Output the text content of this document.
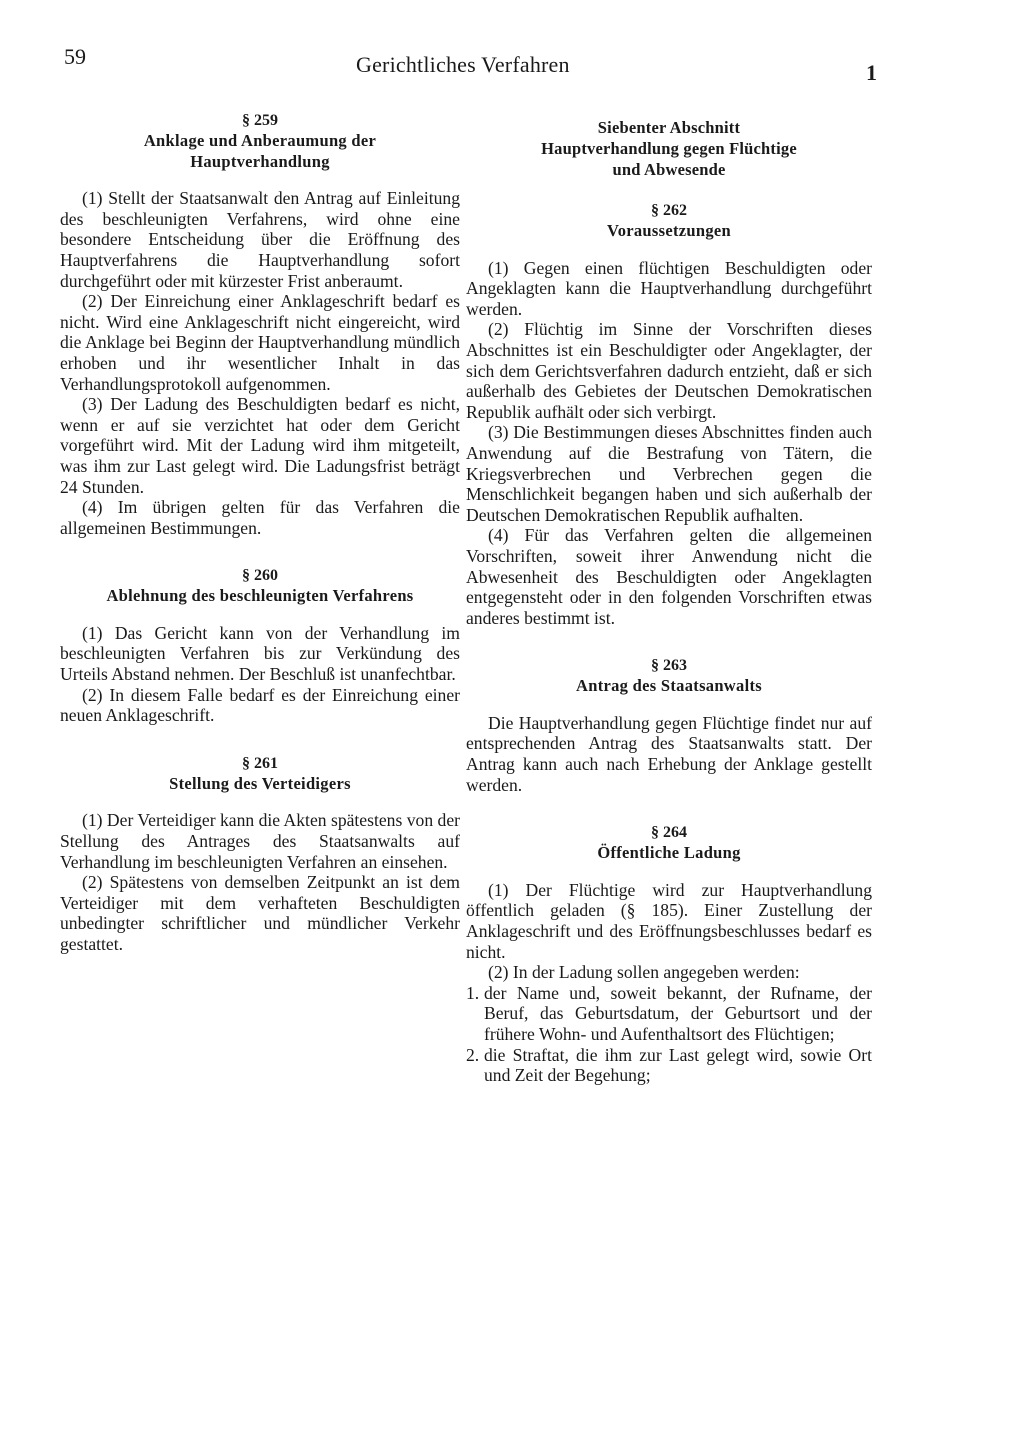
59	Gerichtliches Verfahren	1
§ 259
Anklage und Anberaumung der
Hauptverhandlung

(1) Stellt der Staatsanwalt den Antrag auf Einleitung des beschleunigten Verfahrens, wird ohne eine besondere Entscheidung über die Eröffnung des Hauptverfahrens die Hauptverhandlung sofort durchgeführt oder mit kürzester Frist anberaumt.

(2) Der Einreichung einer Anklageschrift bedarf es nicht. Wird eine Anklageschrift nicht eingereicht, wird die Anklage bei Beginn der Hauptverhandlung mündlich erhoben und ihr wesentlicher Inhalt in das Verhandlungsprotokoll aufgenommen.

(3) Der Ladung des Beschuldigten bedarf es nicht, wenn er auf sie verzichtet hat oder dem Gericht vorgeführt wird. Mit der Ladung wird ihm mitgeteilt, was ihm zur Last gelegt wird. Die Ladungsfrist beträgt 24 Stunden.

(4) Im übrigen gelten für das Verfahren die allgemeinen Bestimmungen.

§ 260
Ablehnung des beschleunigten Verfahrens

(1) Das Gericht kann von der Verhandlung im beschleunigten Verfahren bis zur Verkündung des Urteils Abstand nehmen. Der Beschluß ist unanfechtbar.

(2) In diesem Falle bedarf es der Einreichung einer neuen Anklageschrift.

§ 261
Stellung des Verteidigers

(1) Der Verteidiger kann die Akten spätestens von der Stellung des Antrages des Staatsanwalts auf Verhandlung im beschleunigten Verfahren an einsehen.

(2) Spätestens von demselben Zeitpunkt an ist dem Verteidiger mit dem verhafteten Beschuldigten unbedingter schriftlicher und mündlicher Verkehr gestattet.

Siebenter Abschnitt
Hauptverhandlung gegen Flüchtige
und Abwesende
§ 262
Voraussetzungen

(1) Gegen einen flüchtigen Beschuldigten oder Angeklagten kann die Hauptverhandlung durchgeführt werden.

(2) Flüchtig im Sinne der Vorschriften dieses Abschnittes ist ein Beschuldigter oder Angeklagter, der sich dem Gerichtsverfahren dadurch entzieht, daß er sich außerhalb des Gebietes der Deutschen Demokratischen Republik aufhält oder sich verbirgt.

(3) Die Bestimmungen dieses Abschnittes finden auch Anwendung auf die Bestrafung von Tätern, die Kriegsverbrechen und Verbrechen gegen die Menschlichkeit begangen haben und sich außerhalb der Deutschen Demokratischen Republik aufhalten.

(4) Für das Verfahren gelten die allgemeinen Vorschriften, soweit ihrer Anwendung nicht die Abwesenheit des Beschuldigten oder Angeklagten entgegensteht oder in den folgenden Vorschriften etwas anderes bestimmt ist.

§ 263
Antrag des Staatsanwalts

Die Hauptverhandlung gegen Flüchtige findet nur auf entsprechenden Antrag des Staatsanwalts statt. Der Antrag kann auch nach Erhebung der Anklage gestellt werden.

§ 264
Öffentliche Ladung

(1) Der Flüchtige wird zur Hauptverhandlung öffentlich geladen (§ 185). Einer Zustellung der Anklageschrift und des Eröffnungsbeschlusses bedarf es nicht.

(2) In der Ladung sollen angegeben werden:

1. der Name und, soweit bekannt, der Rufname, der Beruf, das Geburtsdatum, der Geburtsort und der frühere Wohn- und Aufenthaltsort des Flüchtigen;
2. die Straftat, die ihm zur Last gelegt wird, sowie Ort und Zeit der Begehung;
